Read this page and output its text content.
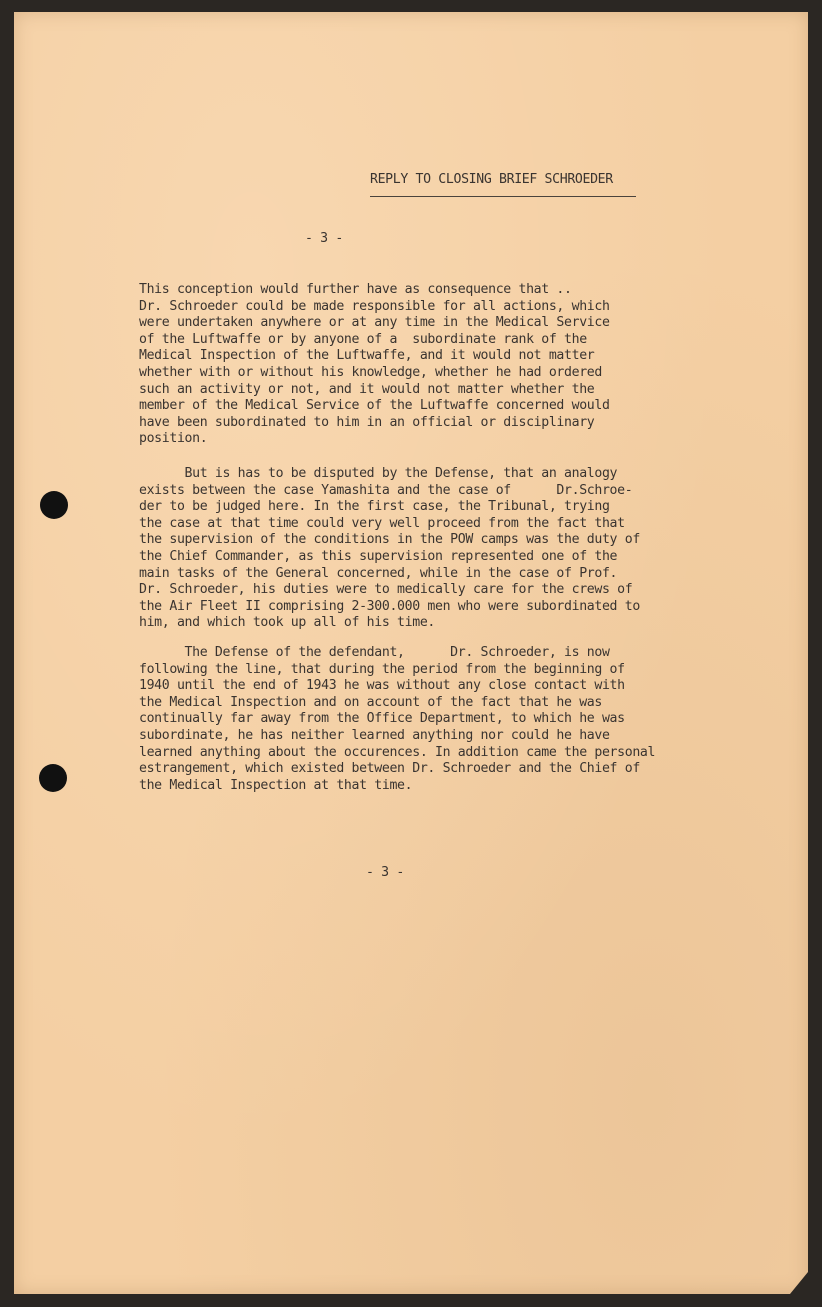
REPLY TO CLOSING BRIEF SCHROEDER
- 3 -
This conception would further have as consequence that ..
Dr. Schroeder could be made responsible for all actions, which
were undertaken anywhere or at any time in the Medical Service
of the Luftwaffe or by anyone of a  subordinate rank of the
Medical Inspection of the Luftwaffe, and it would not matter
whether with or without his knowledge, whether he had ordered
such an activity or not, and it would not matter whether the
member of the Medical Service of the Luftwaffe concerned would
have been subordinated to him in an official or disciplinary
position.
But is has to be disputed by the Defense, that an analogy
exists between the case Yamashita and the case of      Dr.Schroe-
der to be judged here. In the first case, the Tribunal, trying
the case at that time could very well proceed from the fact that
the supervision of the conditions in the POW camps was the duty of
the Chief Commander, as this supervision represented one of the
main tasks of the General concerned, while in the case of Prof.
Dr. Schroeder, his duties were to medically care for the crews of
the Air Fleet II comprising 2-300.000 men who were subordinated to
him, and which took up all of his time.
The Defense of the defendant,      Dr. Schroeder, is now
following the line, that during the period from the beginning of
1940 until the end of 1943 he was without any close contact with
the Medical Inspection and on account of the fact that he was
continually far away from the Office Department, to which he was
subordinate, he has neither learned anything nor could he have
learned anything about the occurences. In addition came the personal
estrangement, which existed between Dr. Schroeder and the Chief of
the Medical Inspection at that time.
- 3 -
